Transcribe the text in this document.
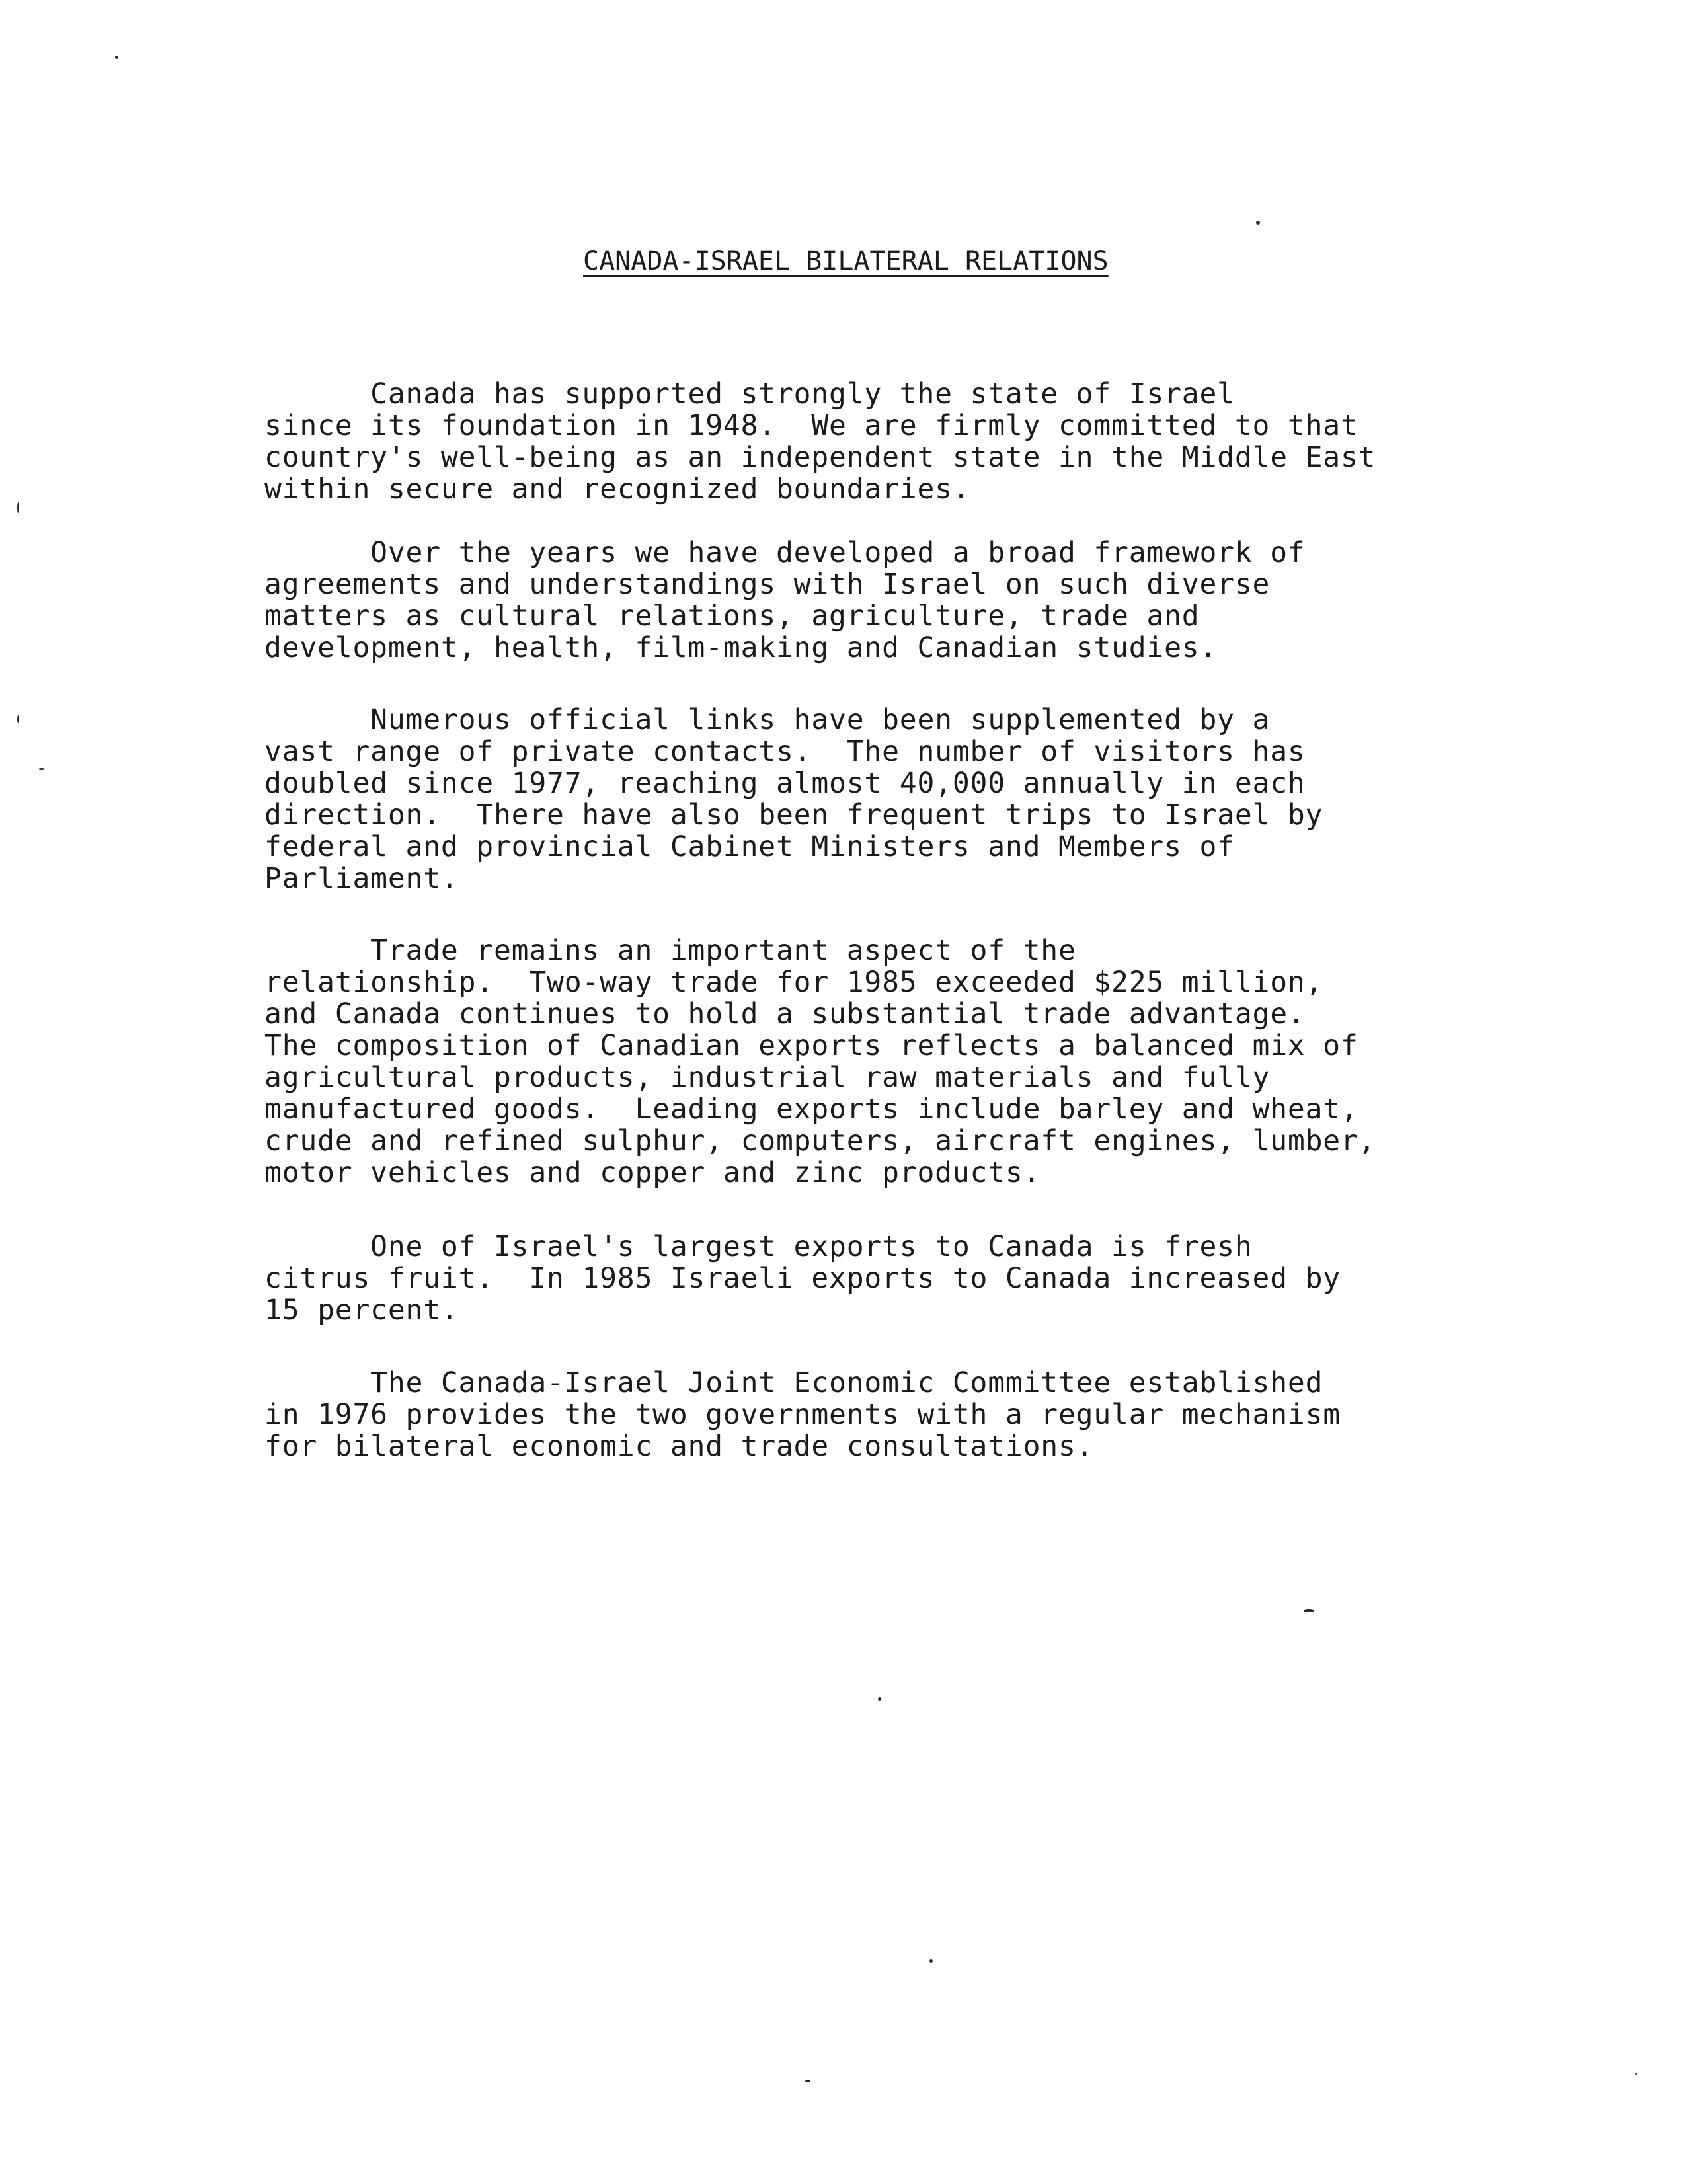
CANADA-ISRAEL BILATERAL RELATIONS

Canada has supported strongly the state of Israel
since its foundation in 1948.  We are firmly committed to that
country's well-being as an independent state in the Middle East
within secure and recognized boundaries.

Over the years we have developed a broad framework of
agreements and understandings with Israel on such diverse
matters as cultural relations, agriculture, trade and
development, health, film-making and Canadian studies.

Numerous official links have been supplemented by a
vast range of private contacts.  The number of visitors has
doubled since 1977, reaching almost 40,000 annually in each
direction.  There have also been frequent trips to Israel by
federal and provincial Cabinet Ministers and Members of
Parliament.

Trade remains an important aspect of the
relationship.  Two-way trade for 1985 exceeded $225 million,
and Canada continues to hold a substantial trade advantage.
The composition of Canadian exports reflects a balanced mix of
agricultural products, industrial raw materials and fully
manufactured goods.  Leading exports include barley and wheat,
crude and refined sulphur, computers, aircraft engines, lumber,
motor vehicles and copper and zinc products.

One of Israel's largest exports to Canada is fresh
citrus fruit.  In 1985 Israeli exports to Canada increased by
15 percent.

The Canada-Israel Joint Economic Committee established
in 1976 provides the two governments with a regular mechanism
for bilateral economic and trade consultations.
